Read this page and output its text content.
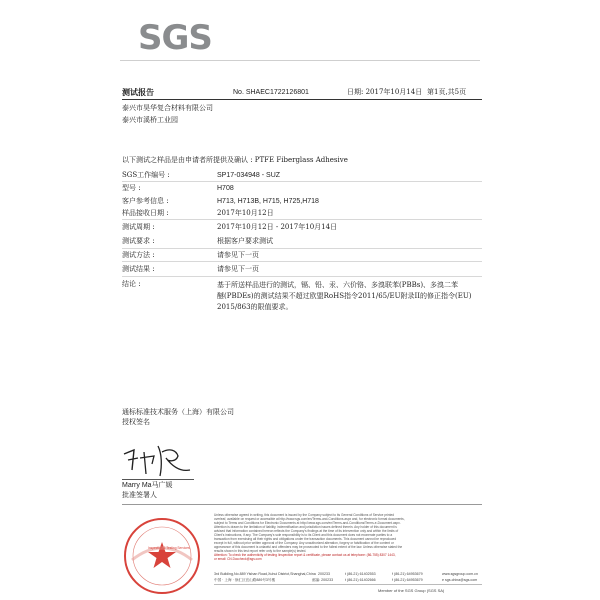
SGS
测试报告	No. SHAEC1722126801	日期: 2017年10月14日 第1页,共5页
泰兴市昊华复合材料有限公司
泰兴市溪桥工业园
以下测试之样品是由申请者所提供及确认 : PTFE Fiberglass Adhesive
SGS工作编号 :	SP17-034948 - SUZ
型号 :	H708
客户参考信息 :	H713, H713B, H715, H725,H718
样品接收日期 :	2017年10月12日
测试周期 :	2017年10月12日 - 2017年10月14日
测试要求 :	根据客户要求测试
测试方法 :	请参见下一页
测试结果 :	请参见下一页
结论 :	基于所送样品进行的测试，镉、铅、汞、六价铬、多溴联苯(PBBs)、多溴二苯
醚(PBDEs)的测试结果不超过欧盟RoHS指令2011/65/EU附录II的修正指令(EU)
2015/863的限值要求。
通标标准技术服务（上海）有限公司
授权签名
Marry Ma马广媛
批准签署人
Inspection & Testing Services
Unless otherwise agreed in writing, this document is issued by the Company subject to its General Conditions of Service printed
overleaf, available on request or accessible at http://www.sgs.com/en/Terms-and-Conditions.aspx and, for electronic format documents,
subject to Terms and Conditions for Electronic Documents at http://www.sgs.com/en/Terms-and-Conditions/Terms-e-Document.aspx.
Attention is drawn to the limitation of liability, indemnification and jurisdiction issues defined therein. Any holder of this document is
advised that information contained hereon reflects the Company's findings at the time of its intervention only and within the limits of
Client's instructions, if any. The Company's sole responsibility is to its Client and this document does not exonerate parties to a
transaction from exercising all their rights and obligations under the transaction documents. This document cannot be reproduced
except in full, without prior written approval of the Company. Any unauthorized alteration, forgery or falsification of the content or
appearance of this document is unlawful and offenders may be prosecuted to the fullest extent of the law. Unless otherwise stated the
results shown in this test report refer only to the sample(s) tested.
Attention: To check the authenticity of testing /inspection report & certificate, please contact us at telephone: (86-755) 8307 1443,
or email: CN.Doccheck@sgs.com
3rd Building,No.889 Yishan Road,Xuhui District,Shanghai,China 200233	t (86-21) 61402553	f (86-21) 64953679	www.sgsgroup.com.cn
中国 · 上海 · 徐汇区宜山路889号3号楼	邮编: 200233	t (86-21) 61402666	f (86-21) 64953679	e sgs.china@sgs.com
Member of the SGS Group (SGS SA)
